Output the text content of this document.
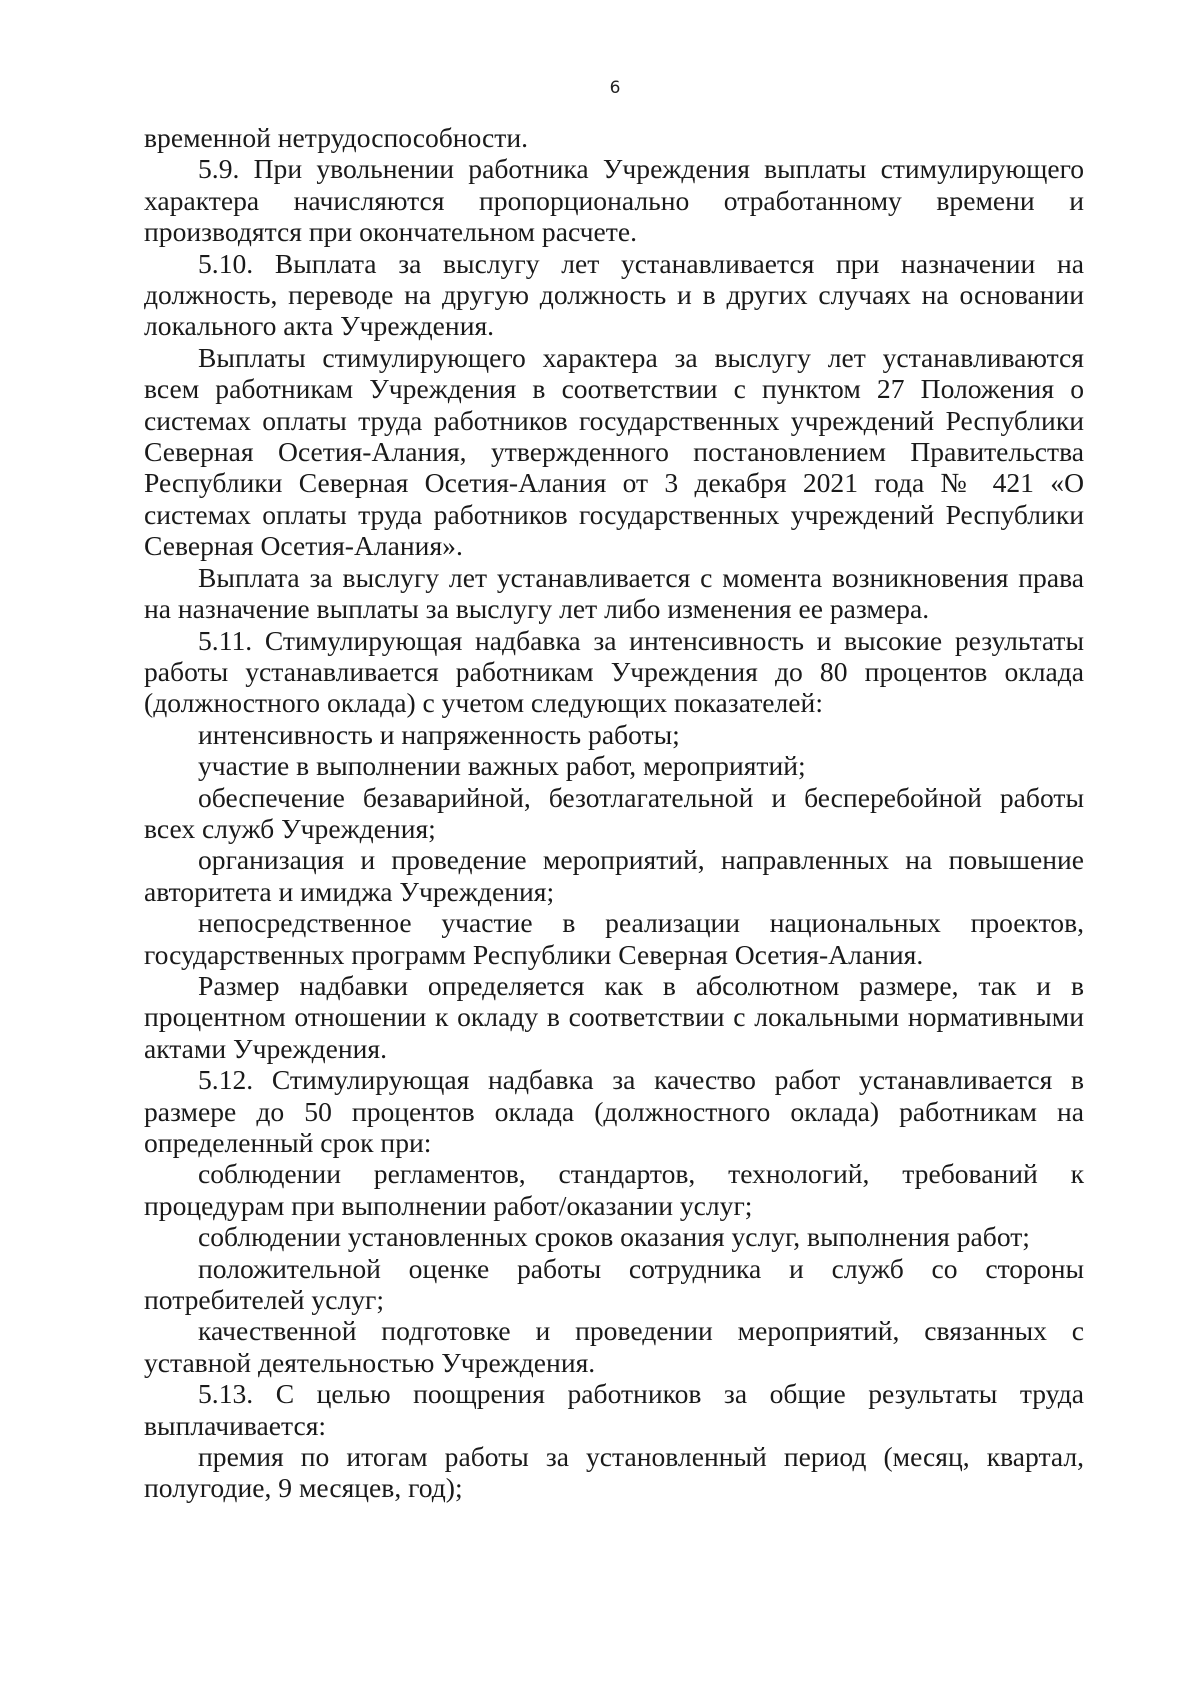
6

временной нетрудоспособности.

5.9. При увольнении работника Учреждения выплаты стимулирующего характера начисляются пропорционально отработанному времени и производятся при окончательном расчете.

5.10. Выплата за выслугу лет устанавливается при назначении на должность, переводе на другую должность и в других случаях на основании локального акта Учреждения.

Выплаты стимулирующего характера за выслугу лет устанавливаются всем работникам Учреждения в соответствии с пунктом 27 Положения о системах оплаты труда работников государственных учреждений Республики Северная Осетия-Алания, утвержденного постановлением Правительства Республики Северная Осетия-Алания от 3 декабря 2021 года № 421 «О системах оплаты труда работников государственных учреждений Республики Северная Осетия-Алания».

Выплата за выслугу лет устанавливается с момента возникновения права на назначение выплаты за выслугу лет либо изменения ее размера.

5.11. Стимулирующая надбавка за интенсивность и высокие результаты работы устанавливается работникам Учреждения до 80 процентов оклада (должностного оклада) с учетом следующих показателей:

интенсивность и напряженность работы;

участие в выполнении важных работ, мероприятий;

обеспечение безаварийной, безотлагательной и бесперебойной работы всех служб Учреждения;

организация и проведение мероприятий, направленных на повышение авторитета и имиджа Учреждения;

непосредственное участие в реализации национальных проектов, государственных программ Республики Северная Осетия-Алания.

Размер надбавки определяется как в абсолютном размере, так и в процентном отношении к окладу в соответствии с локальными нормативными актами Учреждения.

5.12. Стимулирующая надбавка за качество работ устанавливается в размере до 50 процентов оклада (должностного оклада) работникам на определенный срок при:

соблюдении регламентов, стандартов, технологий, требований к процедурам при выполнении работ/оказании услуг;

соблюдении установленных сроков оказания услуг, выполнения работ;

положительной оценке работы сотрудника и служб со стороны потребителей услуг;

качественной подготовке и проведении мероприятий, связанных с уставной деятельностью Учреждения.

5.13. С целью поощрения работников за общие результаты труда выплачивается:

премия по итогам работы за установленный период (месяц, квартал, полугодие, 9 месяцев, год);
